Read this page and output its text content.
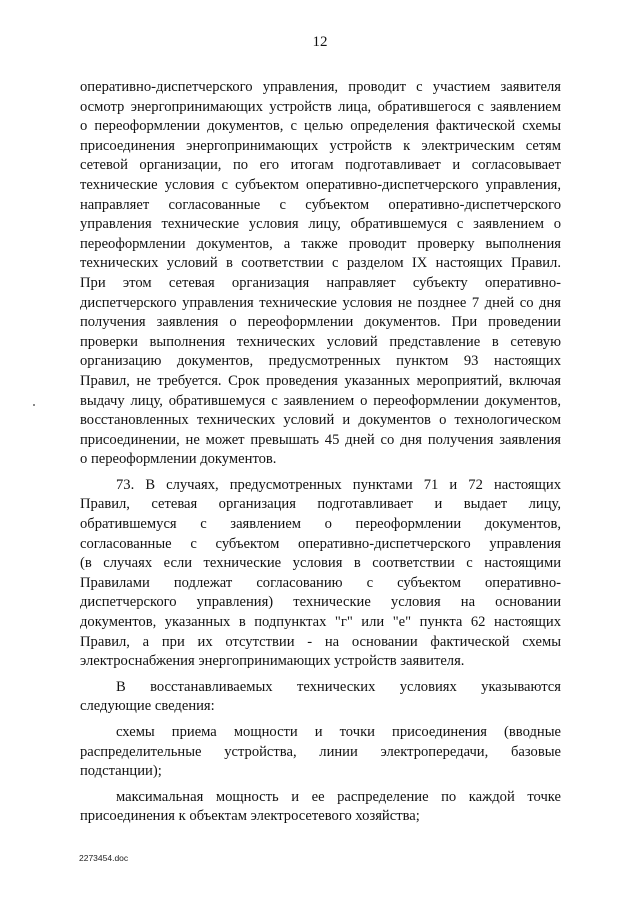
12
оперативно-диспетчерского управления, проводит с участием заявителя
осмотр энергопринимающих устройств лица, обратившегося с заявлением
о переоформлении документов, с целью определения фактической схемы
присоединения энергопринимающих устройств к электрическим сетям
сетевой организации, по его итогам подготавливает и согласовывает
технические условия с субъектом оперативно-диспетчерского управления,
направляет согласованные с субъектом оперативно-диспетчерского
управления технические условия лицу, обратившемуся с заявлением о
переоформлении документов, а также проводит проверку выполнения
технических условий в соответствии с разделом IX настоящих Правил.
При этом сетевая организация направляет субъекту оперативно-
диспетчерского управления технические условия не позднее 7 дней со дня
получения заявления о переоформлении документов. При проведении
проверки выполнения технических условий представление в сетевую
организацию документов, предусмотренных пунктом 93 настоящих
Правил, не требуется. Срок проведения указанных мероприятий, включая
выдачу лицу, обратившемуся с заявлением о переоформлении документов,
восстановленных технических условий и документов о технологическом
присоединении, не может превышать 45 дней со дня получения заявления
о переоформлении документов.
73. В случаях, предусмотренных пунктами 71 и 72 настоящих
Правил, сетевая организация подготавливает и выдает лицу,
обратившемуся с заявлением о переоформлении документов,
согласованные с субъектом оперативно-диспетчерского управления
(в случаях если технические условия в соответствии с настоящими
Правилами подлежат согласованию с субъектом оперативно-
диспетчерского управления) технические условия на основании
документов, указанных в подпунктах "г" или "е" пункта 62 настоящих
Правил, а при их отсутствии - на основании фактической схемы
электроснабжения энергопринимающих устройств заявителя.
В восстанавливаемых технических условиях указываются
следующие сведения:
схемы приема мощности и точки присоединения (вводные
распределительные устройства, линии электропередачи, базовые
подстанции);
максимальная мощность и ее распределение по каждой точке
присоединения к объектам электросетевого хозяйства;
2273454.doc
